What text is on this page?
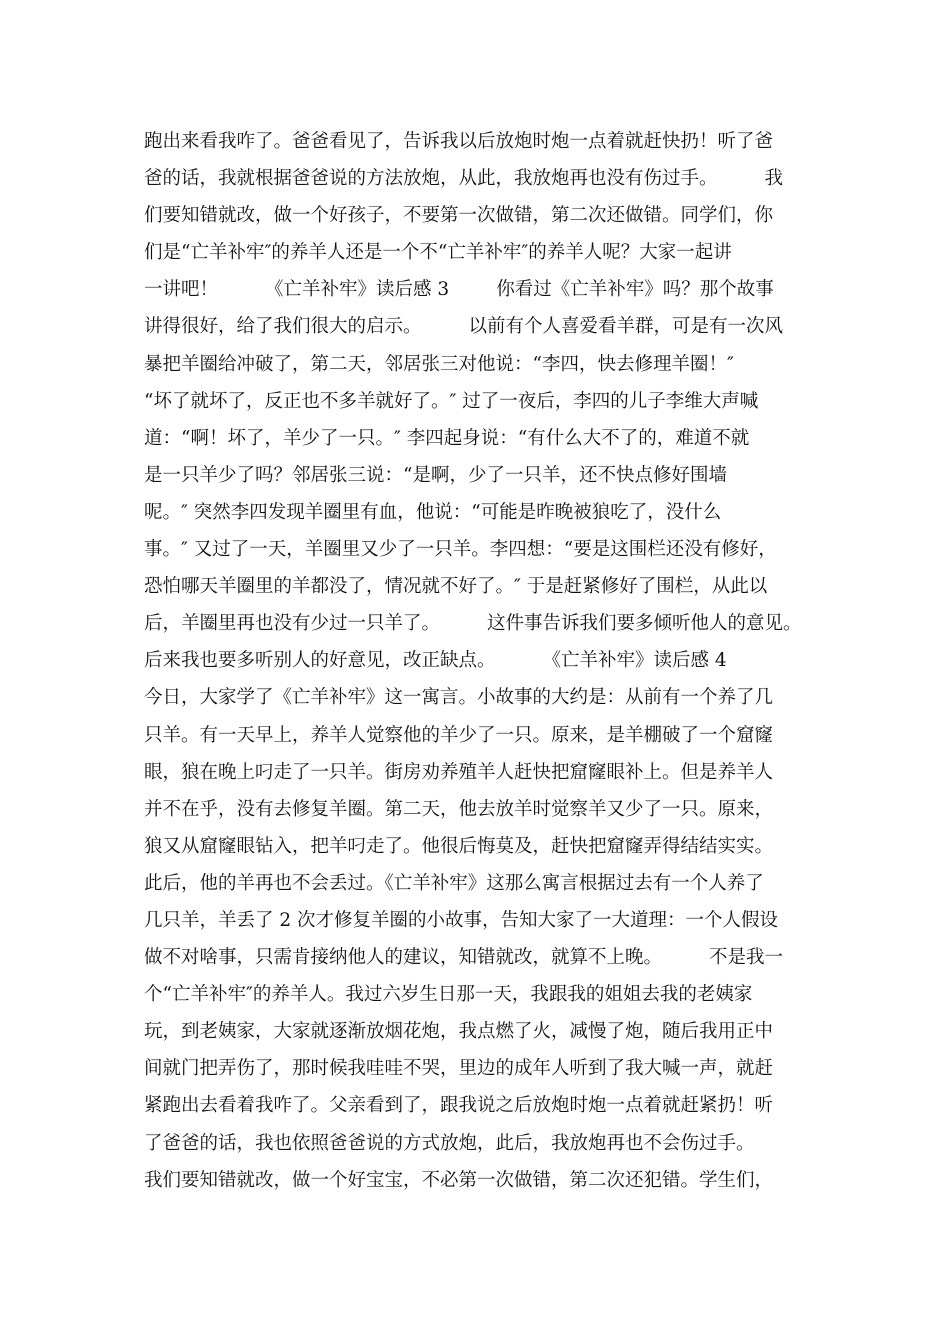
跑出来看我咋了。爸爸看见了，告诉我以后放炮时炮一点着就赶快扔！听了爸
爸的话，我就根据爸爸说的方法放炮，从此，我放炮再也没有伤过手。        我
们要知错就改，做一个好孩子，不要第一次做错，第二次还做错。同学们，你
们是“亡羊补牢″的养羊人还是一个不“亡羊补牢″的养羊人呢？大家一起讲
一讲吧！        《亡羊补牢》读后感 3        你看过《亡羊补牢》吗？那个故事
讲得很好，给了我们很大的启示。        以前有个人喜爱看羊群，可是有一次风
暴把羊圈给冲破了，第二天，邻居张三对他说：“李四，快去修理羊圈！″
“坏了就坏了，反正也不多羊就好了。″ 过了一夜后，李四的儿子李维大声喊
道：“啊！坏了，羊少了一只。″ 李四起身说：“有什么大不了的，难道不就
是一只羊少了吗？邻居张三说：“是啊，少了一只羊，还不快点修好围墙
呢。″ 突然李四发现羊圈里有血，他说：“可能是昨晚被狼吃了，没什么
事。″ 又过了一天，羊圈里又少了一只羊。李四想：“要是这围栏还没有修好，
恐怕哪天羊圈里的羊都没了，情况就不好了。″ 于是赶紧修好了围栏，从此以
后，羊圈里再也没有少过一只羊了。        这件事告诉我们要多倾听他人的意见。
后来我也要多听别人的好意见，改正缺点。        《亡羊补牢》读后感 4
今日，大家学了《亡羊补牢》这一寓言。小故事的大约是：从前有一个养了几
只羊。有一天早上，养羊人觉察他的羊少了一只。原来，是羊棚破了一个窟窿
眼，狼在晚上叼走了一只羊。街房劝养殖羊人赶快把窟窿眼补上。但是养羊人
并不在乎，没有去修复羊圈。第二天，他去放羊时觉察羊又少了一只。原来，
狼又从窟窿眼钻入，把羊叼走了。他很后悔莫及，赶快把窟窿弄得结结实实。
此后，他的羊再也不会丢过。《亡羊补牢》这那么寓言根据过去有一个人养了
几只羊，羊丢了 2 次才修复羊圈的小故事，告知大家了一大道理：一个人假设
做不对啥事，只需肯接纳他人的建议，知错就改，就算不上晚。        不是我一
个“亡羊补牢″的养羊人。我过六岁生日那一天，我跟我的姐姐去我的老姨家
玩，到老姨家，大家就逐渐放烟花炮，我点燃了火，减慢了炮，随后我用正中
间就门把弄伤了，那时候我哇哇不哭，里边的成年人听到了我大喊一声，就赶
紧跑出去看着我咋了。父亲看到了，跟我说之后放炮时炮一点着就赶紧扔！听
了爸爸的话，我也依照爸爸说的方式放炮，此后，我放炮再也不会伤过手。
我们要知错就改，做一个好宝宝，不必第一次做错，第二次还犯错。学生们，
